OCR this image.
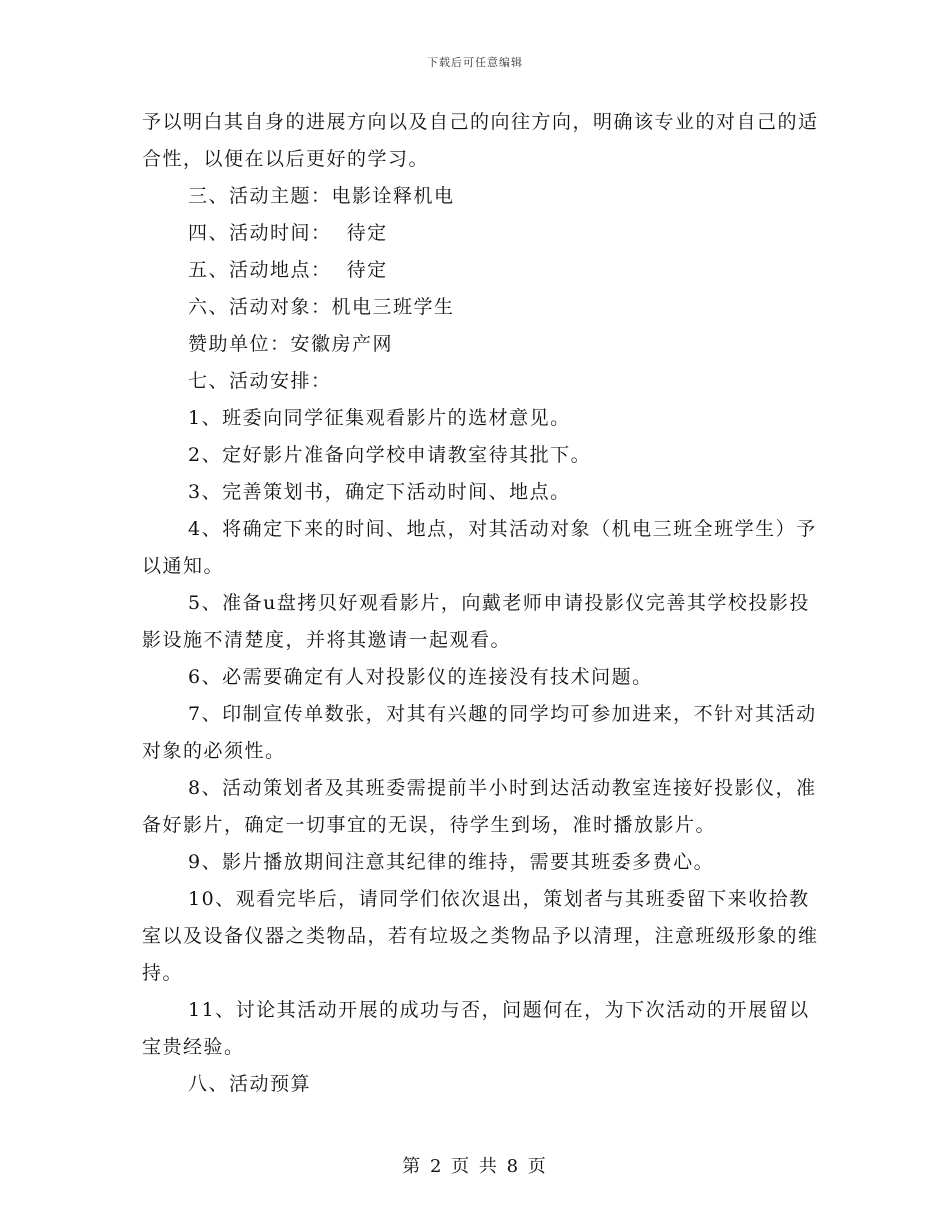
下载后可任意编辑

予以明白其自身的进展方向以及自己的向往方向，明确该专业的对自己的适合性，以便在以后更好的学习。

三、活动主题：电影诠释机电

四、活动时间：  待定

五、活动地点：  待定

六、活动对象：机电三班学生

赞助单位：安徽房产网

七、活动安排：

1、班委向同学征集观看影片的选材意见。

2、定好影片准备向学校申请教室待其批下。

3、完善策划书，确定下活动时间、地点。

4、将确定下来的时间、地点，对其活动对象（机电三班全班学生）予以通知。

5、准备u盘拷贝好观看影片，向戴老师申请投影仪完善其学校投影投影设施不清楚度，并将其邀请一起观看。

6、必需要确定有人对投影仪的连接没有技术问题。

7、印制宣传单数张，对其有兴趣的同学均可参加进来，不针对其活动对象的必须性。

8、活动策划者及其班委需提前半小时到达活动教室连接好投影仪，准备好影片，确定一切事宜的无误，待学生到场，准时播放影片。

9、影片播放期间注意其纪律的维持，需要其班委多费心。

10、观看完毕后，请同学们依次退出，策划者与其班委留下来收拾教室以及设备仪器之类物品，若有垃圾之类物品予以清理，注意班级形象的维持。

11、讨论其活动开展的成功与否，问题何在，为下次活动的开展留以宝贵经验。

八、活动预算

第 2 页 共 8 页
